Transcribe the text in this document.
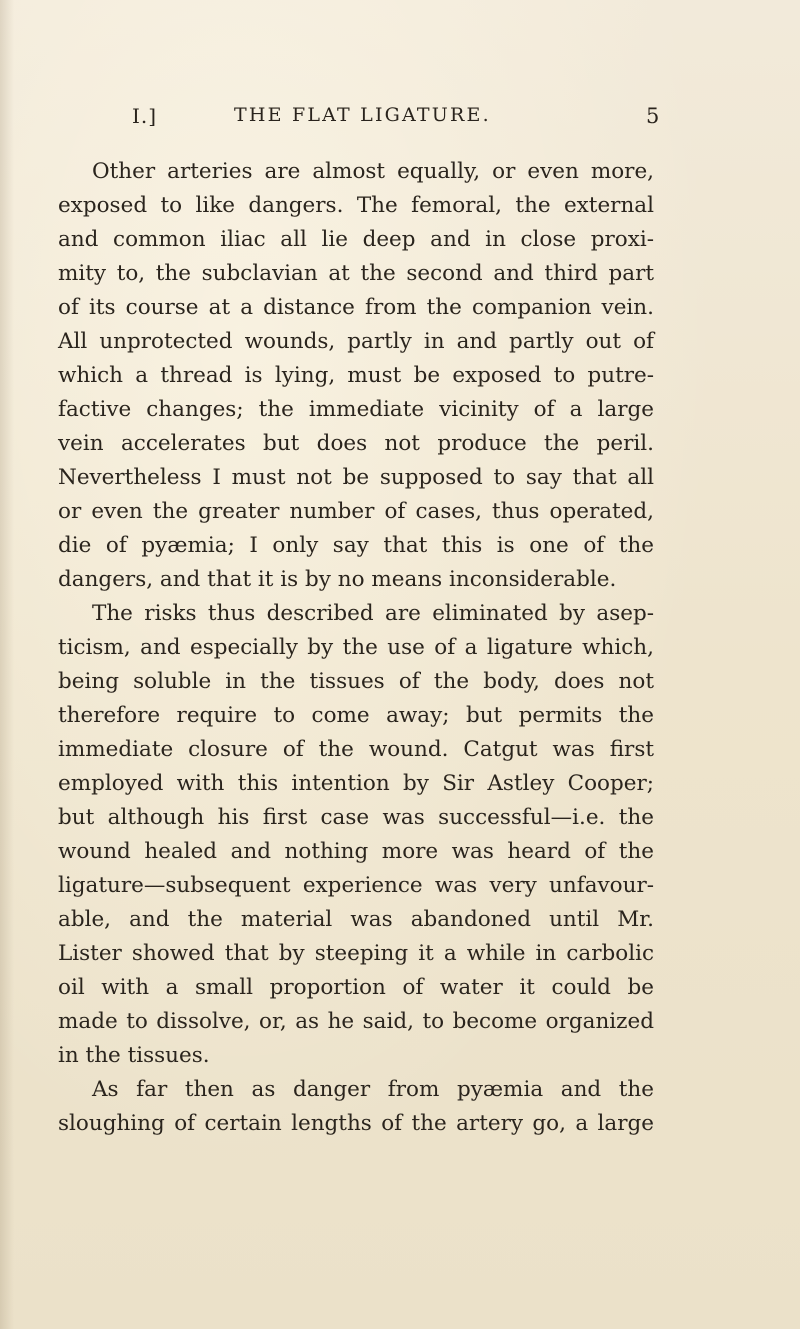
I.]	THE FLAT LIGATURE.	5
Other arteries are almost equally, or even more,
exposed to like dangers. The femoral, the external
and common iliac all lie deep and in close proxi-
mity to, the subclavian at the second and third part
of its course at a distance from the companion vein.
All unprotected wounds, partly in and partly out of
which a thread is lying, must be exposed to putre-
factive changes; the immediate vicinity of a large
vein accelerates but does not produce the peril.
Nevertheless I must not be supposed to say that all
or even the greater number of cases, thus operated,
die of pyæmia; I only say that this is one of the
dangers, and that it is by no means inconsiderable.
The risks thus described are eliminated by asep-
ticism, and especially by the use of a ligature which,
being soluble in the tissues of the body, does not
therefore require to come away; but permits the
immediate closure of the wound. Catgut was first
employed with this intention by Sir Astley Cooper;
but although his first case was successful—i.e. the
wound healed and nothing more was heard of the
ligature—subsequent experience was very unfavour-
able, and the material was abandoned until Mr.
Lister showed that by steeping it a while in carbolic
oil with a small proportion of water it could be
made to dissolve, or, as he said, to become organized
in the tissues.
As far then as danger from pyæmia and the
sloughing of certain lengths of the artery go, a large
